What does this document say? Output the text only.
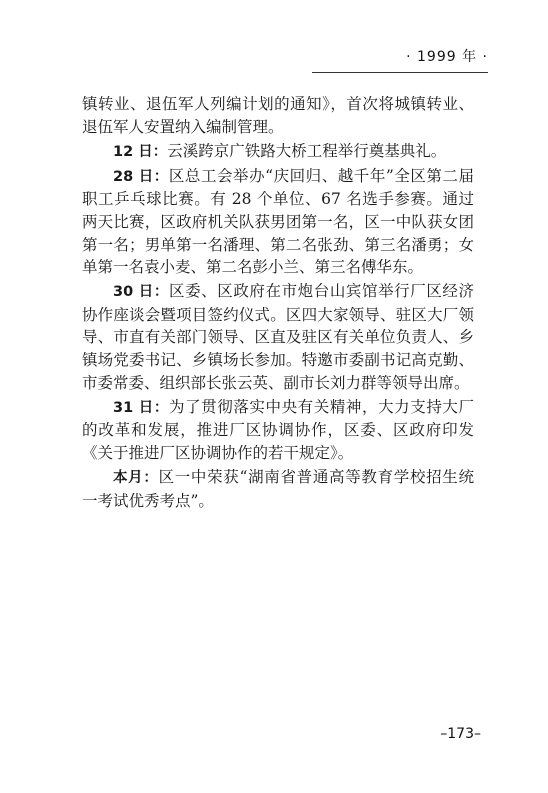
· 1999 年 ·

镇转业、退伍军人列编计划的通知》，首次将城镇转业、退伍军人安置纳入编制管理。

12 日：云溪跨京广铁路大桥工程举行奠基典礼。

28 日：区总工会举办“庆回归、越千年”全区第二届职工乒乓球比赛。有 28 个单位、67 名选手参赛。通过两天比赛，区政府机关队获男团第一名，区一中队获女团第一名；男单第一名潘理、第二名张劲、第三名潘勇；女单第一名袁小麦、第二名彭小兰、第三名傅华东。

30 日：区委、区政府在市炮台山宾馆举行厂区经济协作座谈会暨项目签约仪式。区四大家领导、驻区大厂领导、市直有关部门领导、区直及驻区有关单位负责人、乡镇场党委书记、乡镇场长参加。特邀市委副书记高克勤、市委常委、组织部长张云英、副市长刘力群等领导出席。

31 日：为了贯彻落实中央有关精神，大力支持大厂的改革和发展，推进厂区协调协作，区委、区政府印发《关于推进厂区协调协作的若干规定》。

本月：区一中荣获“湖南省普通高等教育学校招生统一考试优秀考点”。

–173–
